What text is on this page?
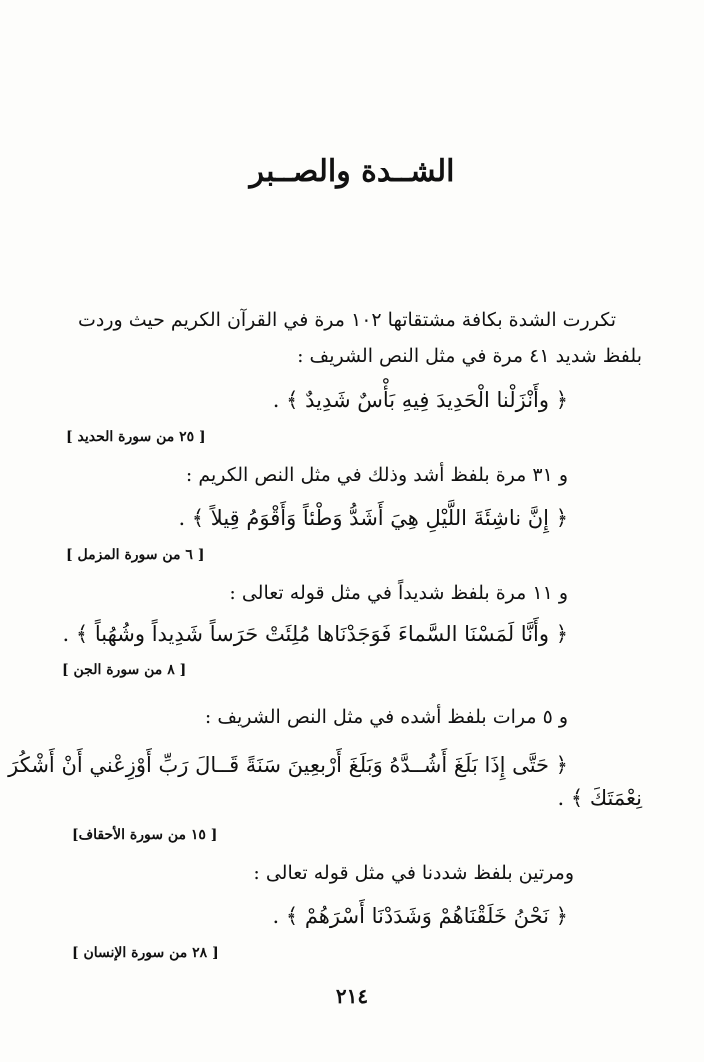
الشــدة والصــبر
تكررت الشدة بكافة مشتقاتها ١٠٢ مرة في القرآن الكريم حيث وردت
بلفظ شديد ٤١ مرة في مثل النص الشريف :
﴿ وأَنْزَلْنا الْحَدِيدَ فِيهِ بَأْسٌ شَدِيدٌ ﴾ .
[ ٢٥ من سورة الحديد ]
و ٣١ مرة بلفظ أشد وذلك في مثل النص الكريم :
﴿ إِنَّ ناشِئَةَ اللَّيْلِ هِيَ أَشَدُّ وَطْئاً وَأَقْوَمُ قِيلاً ﴾ .
[ ٦ من سورة المزمل ]
و ١١ مرة بلفظ شديداً في مثل قوله تعالى :
﴿ وأَنَّا لَمَسْنَا السَّماءَ فَوَجَدْنَاها مُلِئَتْ حَرَساً شَدِيداً وشُهُباً ﴾ .
[ ٨ من سورة الجن ]
و ٥ مرات بلفظ أشده في مثل النص الشريف :
﴿ حَتَّى إِذَا بَلَغَ أَشُــدَّهُ وَبَلَغَ أَرْبعِينَ سَنَةً قَــالَ رَبِّ أَوْزِعْني أَنْ أَشْكُرَ
نِعْمَتَكَ ﴾ .
[ ١٥ من سورة الأحقاف]
ومرتين بلفظ شددنا في مثل قوله تعالى :
﴿ نَحْنُ خَلَقْنَاهُمْ وَشَدَدْنَا أَسْرَهُمْ ﴾ .
[ ٢٨ من سورة الإنسان ]
٢١٤
